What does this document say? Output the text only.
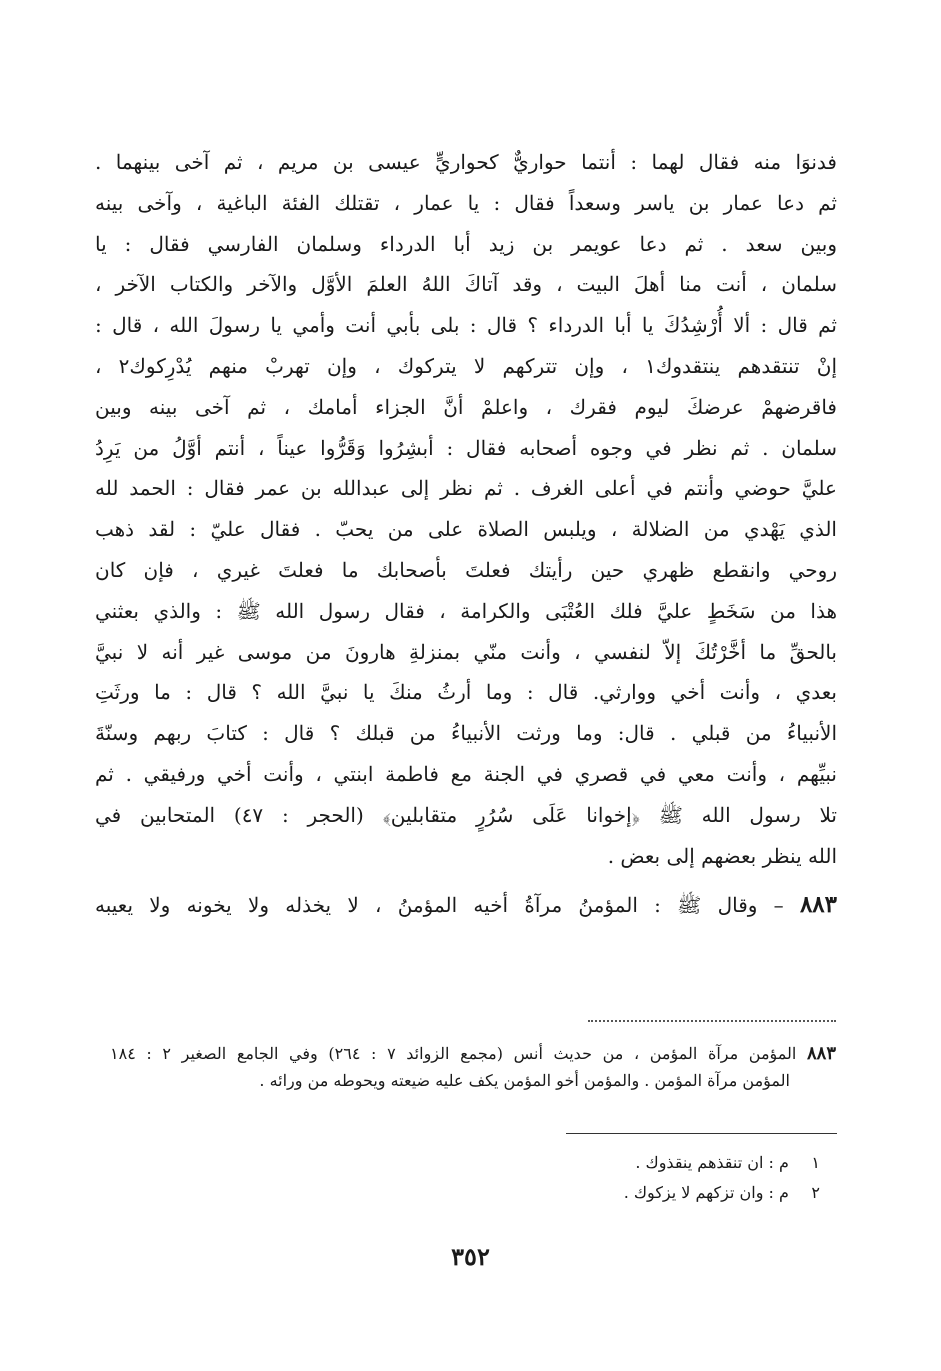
فدنوَا منه فقال لهما : أنتما حواريٌّ كحواريٍّ عيسى بن مريم ، ثم آخى بينهما .
ثم دعا عمار بن ياسر وسعداً فقال : يا عمار ، تقتلك الفئة الباغية ، وآخى بينه
وبين سعد . ثم دعا عويمر بن زيد أبا الدرداء وسلمان الفارسي فقال : يا
سلمان ، أنت منا أهلَ البيت ، وقد آتاكَ اللهُ العلمَ الأوَّل والآخر والكتاب الآخر ،
ثم قال : ألا أُرْشِدُكَ يا أبا الدرداء ؟ قال : بلى بأبي أنت وأمي يا رسولَ الله ، قال :
إنْ تنتقدهم ينتقدوك١ ، وإن تتركهم لا يتركوك ، وإن تهربْ منهم يُدْرِكوك٢ ،
فاقرضهمْ عرضكَ ليوم فقرك ، واعلمْ أنَّ الجزاء أمامك ، ثم آخى بينه وبين
سلمان . ثم نظر في وجوه أصحابه فقال : أبشِرُوا وَقَرُّوا عيناً ، أنتم أوَّلُ من يَرِدُ
عليَّ حوضي وأنتم في أعلى الغرف . ثم نظر إلى عبدالله بن عمر فقال : الحمد لله
الذي يَهْدي من الضلالة ، ويلبس الصلاة على من يحبّ . فقال عليّ : لقد ذهب
روحي وانقطع ظهري حين رأيتك فعلتَ بأصحابك ما فعلتَ غيري ، فإن كان
هذا من سَخَطٍ عليَّ فلك العُتْبَى والكرامة ، فقال رسول الله ﷺ : والذي بعثني
بالحقِّ ما أخَّرْتُكَ إلاّ لنفسي ، وأنت منّي بمنزلةِ هارونَ من موسى غير أنه لا نبيَّ
بعدي ، وأنت أخي ووارثي. قال : وما أرثُ منكَ يا نبيَّ الله ؟ قال : ما ورثَتِ
الأنبياءُ من قبلي . قال: وما ورثت الأنبياءُ من قبلك ؟ قال : كتابَ ربهم وسنّةَ
نبيِّهم ، وأنت معي في قصري في الجنة مع فاطمة ابنتي ، وأنت أخي ورفيقي . ثم
تلا رسول الله ﷺ ﴿إخوانا عَلَى سُرُرٍ متقابلين﴾ (الحجر : ٤٧) المتحابين في
الله ينظر بعضهم إلى بعض .
٨٨٣ – وقال ﷺ : المؤمنُ مرآةُ أخيه المؤمنُ ، لا يخذله ولا يخونه ولا يعيبه
٨٨٣ المؤمن مرآة المؤمن ، من حديث أنس (مجمع الزوائد ٧ : ٢٦٤) وفي الجامع الصغير ٢ : ١٨٤
المؤمن مرآة المؤمن . والمؤمن أخو المؤمن يكف عليه ضيعته ويحوطه من ورائه .
١ م : ان تنقذهم ينقذوك .
٢ م : وان تزكهم لا يزكوك .
٣٥٢
